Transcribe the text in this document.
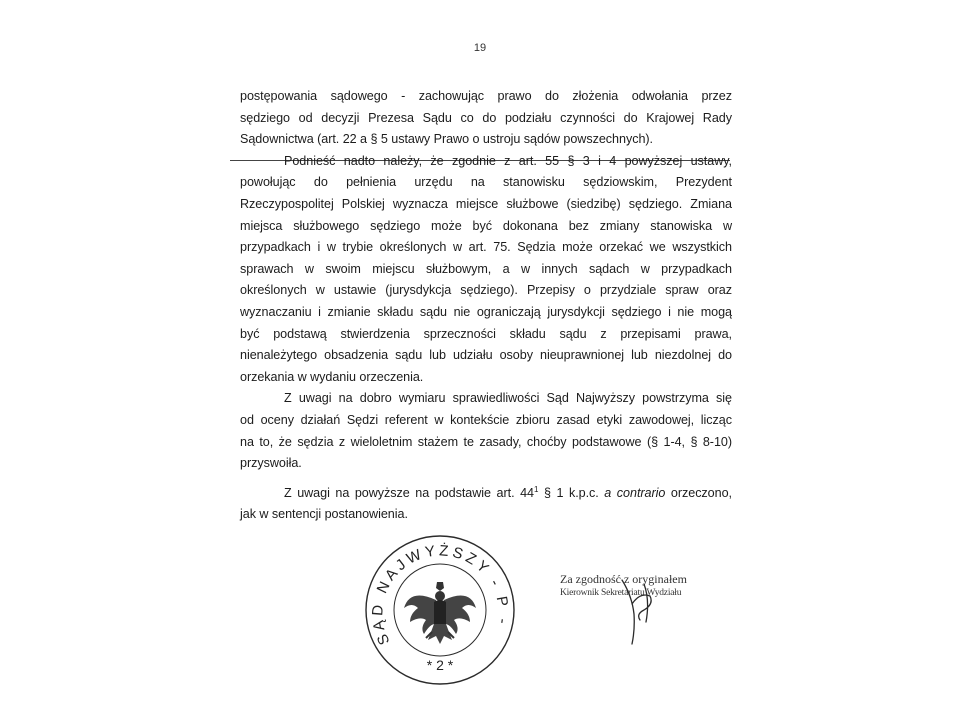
19

postępowania sądowego - zachowując prawo do złożenia odwołania przez
sędziego od decyzji Prezesa Sądu co do podziału czynności do Krajowej Rady
Sądownictwa (art. 22 a § 5 ustawy Prawo o ustroju sądów powszechnych).

Podnieść nadto należy, że zgodnie z art. 55 § 3 i 4 powyższej ustawy,
powołując do pełnienia urzędu na stanowisku sędziowskim, Prezydent
Rzeczypospolitej Polskiej wyznacza miejsce służbowe (siedzibę) sędziego. Zmiana
miejsca służbowego sędziego może być dokonana bez zmiany stanowiska w
przypadkach i w trybie określonych w art. 75. Sędzia może orzekać we wszystkich
sprawach w swoim miejscu służbowym, a w innych sądach w przypadkach
określonych w ustawie (jurysdykcja sędziego). Przepisy o przydziale spraw oraz
wyznaczaniu i zmianie składu sądu nie ograniczają jurysdykcji sędziego i nie mogą
być podstawą stwierdzenia sprzeczności składu sądu z przepisami prawa,
nienależytego obsadzenia sądu lub udziału osoby nieuprawnionej lub niezdolnej do
orzekania w wydaniu orzeczenia.

Z uwagi na dobro wymiaru sprawiedliwości Sąd Najwyższy powstrzyma się
od oceny działań Sędzi referent w kontekście zbioru zasad etyki zawodowej, licząc
na to, że sędzia z wieloletnim stażem te zasady, choćby podstawowe (§ 1-4, § 8-10)
przyswoiła.

Z uwagi na powyższe na podstawie art. $44^1$ § 1 k.p.c. a contrario orzeczono,
jak w sentencji postanowienia.

SĄD NAJWYŻSZY - P -
* 2 *
Za zgodność z oryginałem
Kierownik Sekretariatu Wydziału
